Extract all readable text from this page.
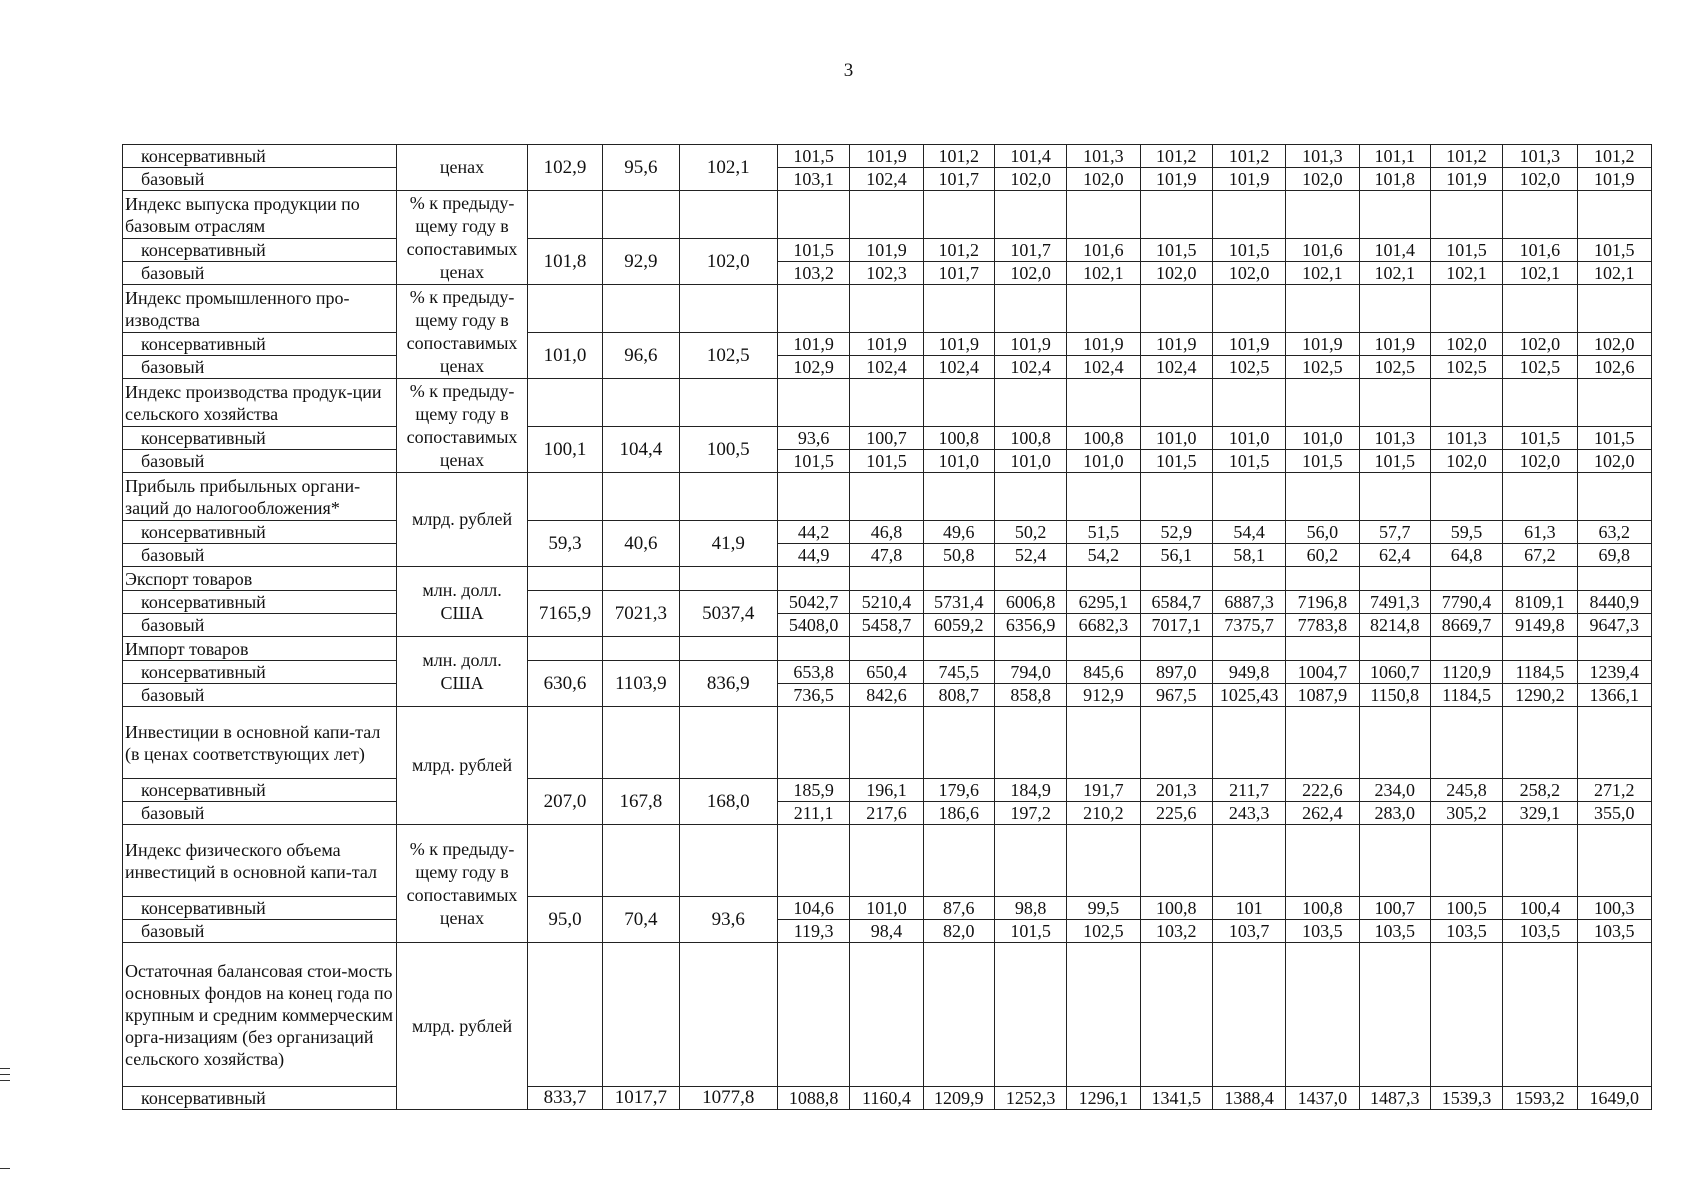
3
консервативный	ценах	102,9	95,6	102,1	101,5	101,9	101,2	101,4	101,3	101,2	101,2	101,3	101,1	101,2	101,3	101,2
базовый					103,1	102,4	101,7	102,0	102,0	101,9	101,9	102,0	101,8	101,9	102,0	101,9
Индекс выпуска продукции по базовым отраслям	% к предыду-щему году в сопоставимых ценах															
консервативный		101,8	92,9	102,0	101,5	101,9	101,2	101,7	101,6	101,5	101,5	101,6	101,4	101,5	101,6	101,5
базовый					103,2	102,3	101,7	102,0	102,1	102,0	102,0	102,1	102,1	102,1	102,1	102,1
Индекс промышленного про-изводства	% к предыду-щему году в сопоставимых ценах															
консервативный		101,0	96,6	102,5	101,9	101,9	101,9	101,9	101,9	101,9	101,9	101,9	101,9	102,0	102,0	102,0
базовый					102,9	102,4	102,4	102,4	102,4	102,4	102,5	102,5	102,5	102,5	102,5	102,6
Индекс производства продук-ции сельского хозяйства	% к предыду-щему году в сопоставимых ценах															
консервативный		100,1	104,4	100,5	93,6	100,7	100,8	100,8	100,8	101,0	101,0	101,0	101,3	101,3	101,5	101,5
базовый					101,5	101,5	101,0	101,0	101,0	101,5	101,5	101,5	101,5	102,0	102,0	102,0
Прибыль прибыльных органи-заций до налогообложения*	млрд. рублей															
консервативный		59,3	40,6	41,9	44,2	46,8	49,6	50,2	51,5	52,9	54,4	56,0	57,7	59,5	61,3	63,2
базовый					44,9	47,8	50,8	52,4	54,2	56,1	58,1	60,2	62,4	64,8	67,2	69,8
Экспорт товаров	млн. долл. США															
консервативный		7165,9	7021,3	5037,4	5042,7	5210,4	5731,4	6006,8	6295,1	6584,7	6887,3	7196,8	7491,3	7790,4	8109,1	8440,9
базовый					5408,0	5458,7	6059,2	6356,9	6682,3	7017,1	7375,7	7783,8	8214,8	8669,7	9149,8	9647,3
Импорт товаров	млн. долл. США															
консервативный		630,6	1103,9	836,9	653,8	650,4	745,5	794,0	845,6	897,0	949,8	1004,7	1060,7	1120,9	1184,5	1239,4
базовый					736,5	842,6	808,7	858,8	912,9	967,5	1025,43	1087,9	1150,8	1184,5	1290,2	1366,1
Инвестиции в основной капи-тал (в ценах соответствующих лет)	млрд. рублей															
консервативный		207,0	167,8	168,0	185,9	196,1	179,6	184,9	191,7	201,3	211,7	222,6	234,0	245,8	258,2	271,2
базовый					211,1	217,6	186,6	197,2	210,2	225,6	243,3	262,4	283,0	305,2	329,1	355,0
Индекс физического объема инвестиций в основной капи-тал	% к предыду-щему году в сопоставимых ценах															
консервативный		95,0	70,4	93,6	104,6	101,0	87,6	98,8	99,5	100,8	101	100,8	100,7	100,5	100,4	100,3
базовый					119,3	98,4	82,0	101,5	102,5	103,2	103,7	103,5	103,5	103,5	103,5	103,5
Остаточная балансовая стои-мость основных фондов на конец года по крупным и средним коммерческим орга-низациям (без организаций сельского хозяйства)	млрд. рублей															
консервативный		833,7	1017,7	1077,8	1088,8	1160,4	1209,9	1252,3	1296,1	1341,5	1388,4	1437,0	1487,3	1539,3	1593,2	1649,0
